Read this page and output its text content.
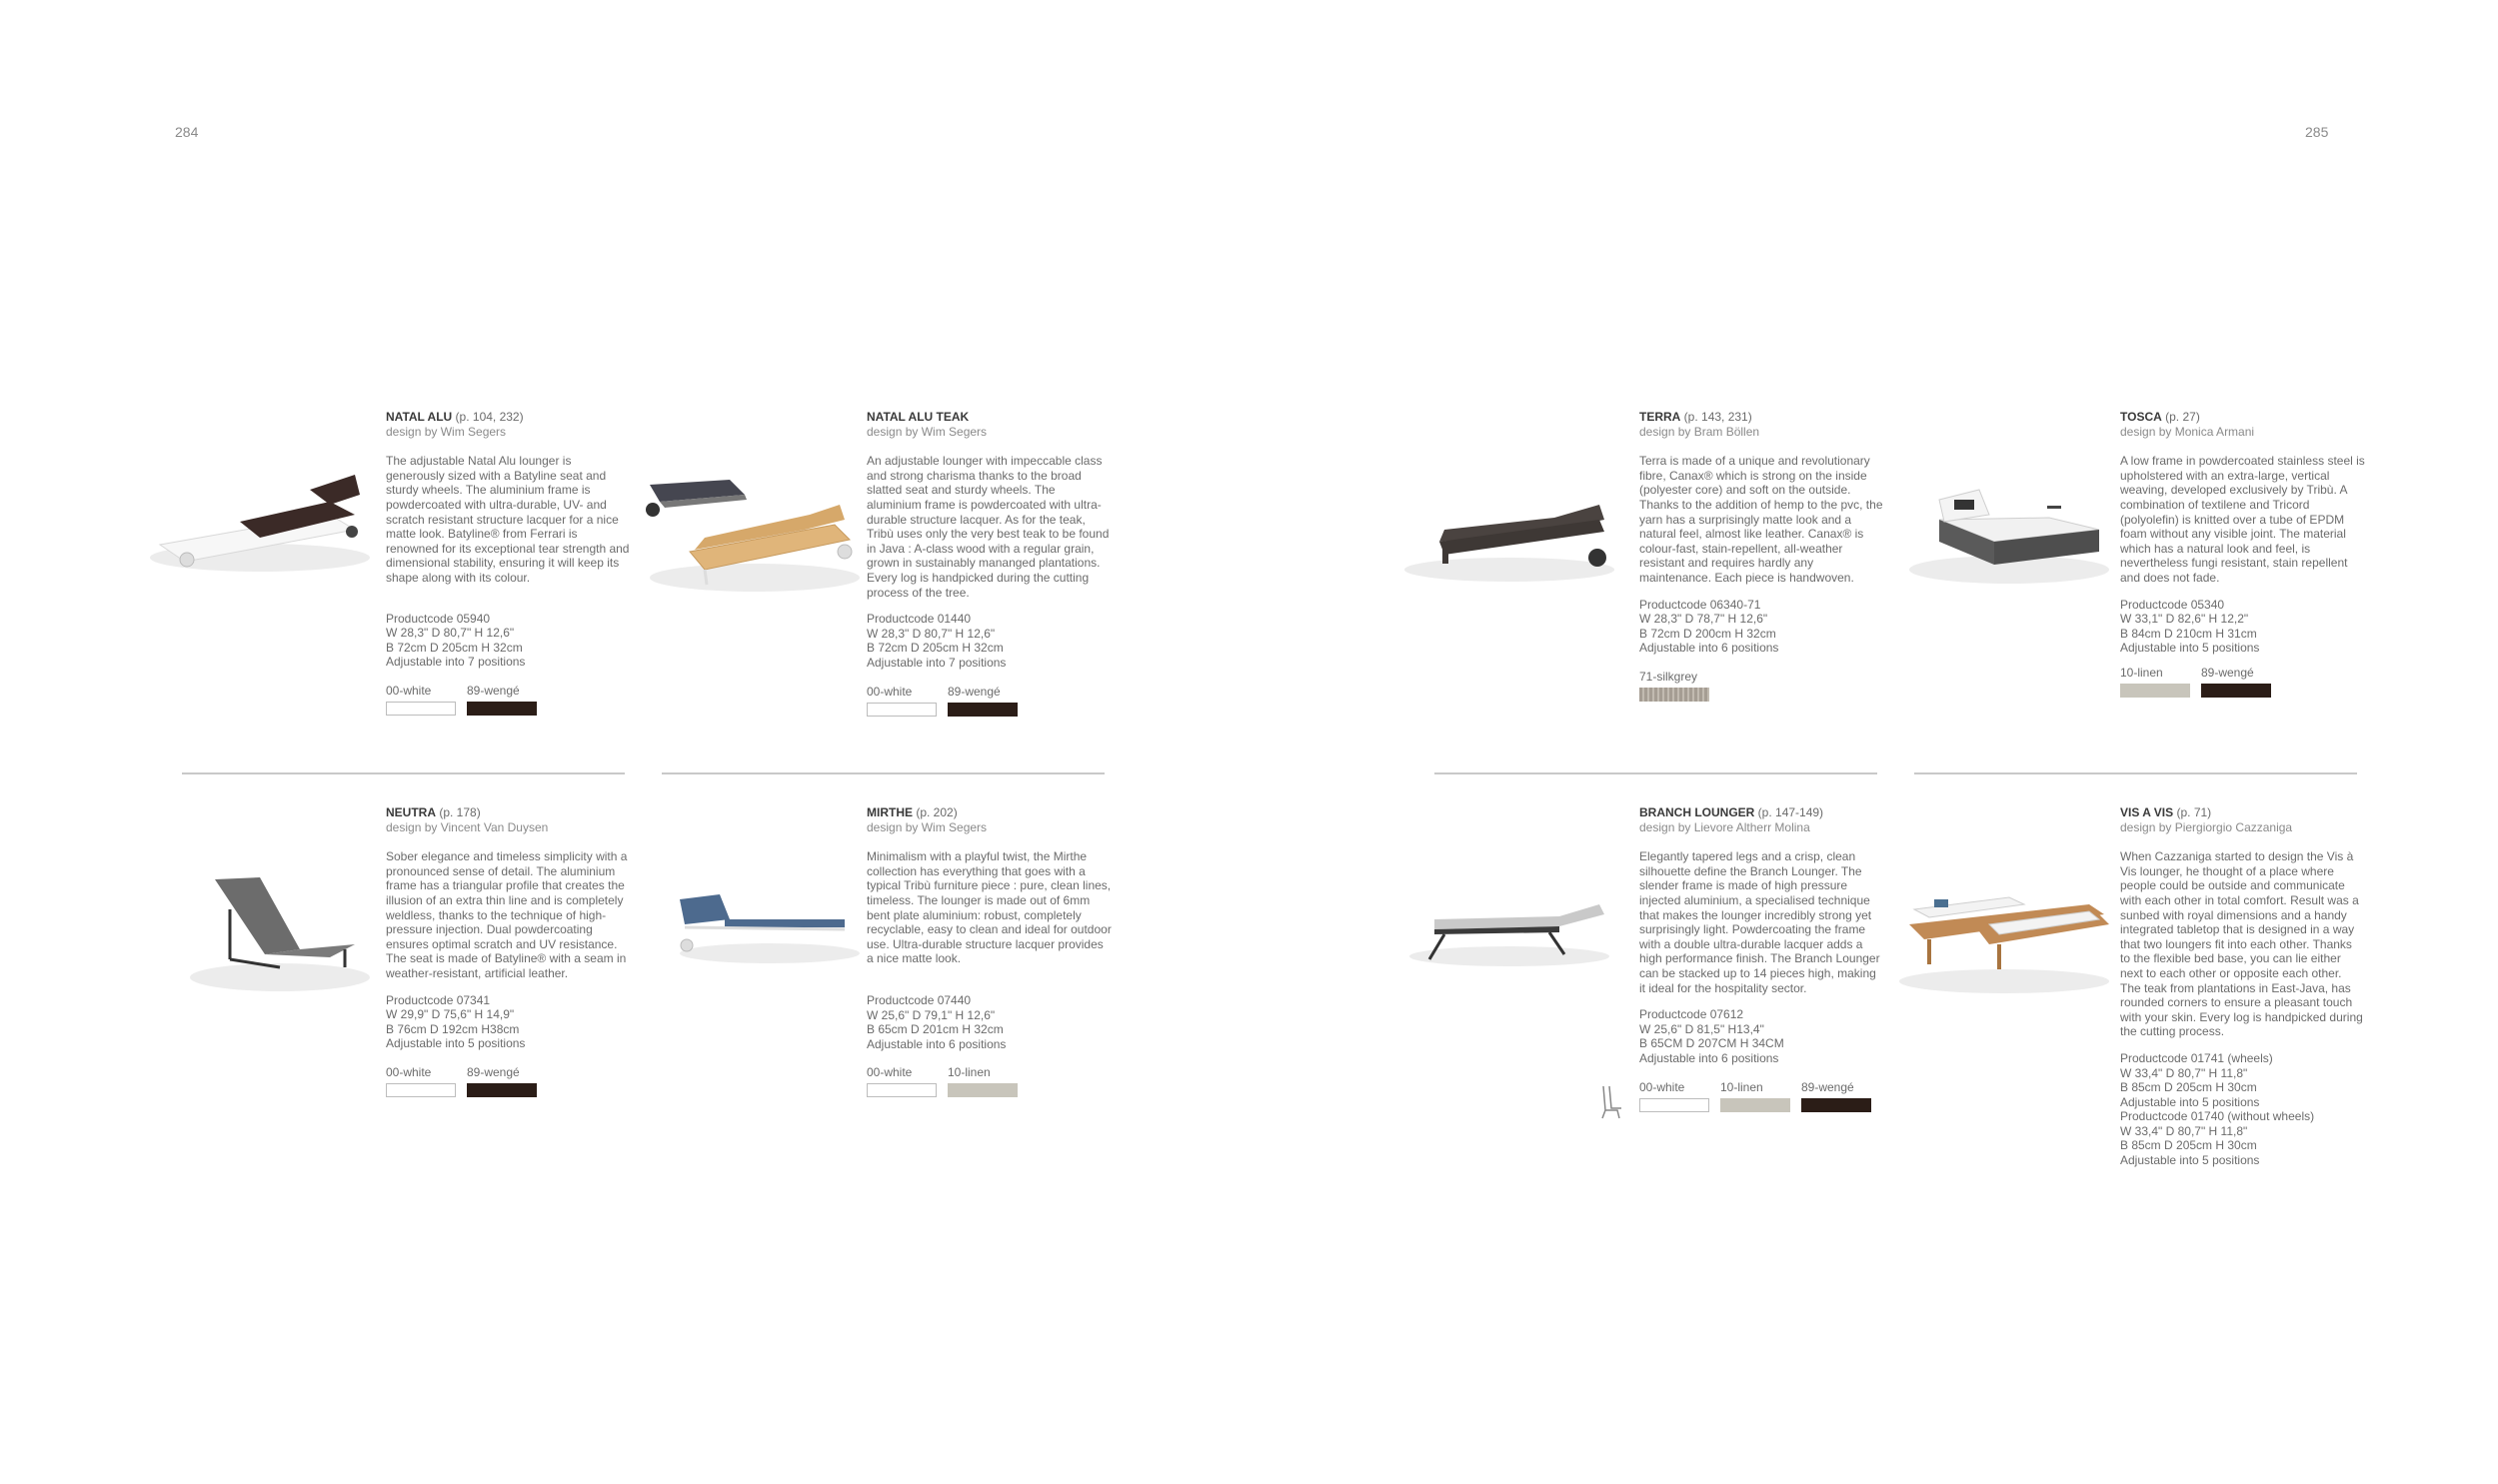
284	285
NATAL ALU (p. 104, 232)
design by Wim Segers
The adjustable Natal Alu lounger is generously sized with a Batyline seat and sturdy wheels. The aluminium frame is powdercoated with ultra-durable, UV- and scratch resistant structure lacquer for a nice matte look. Batyline® from Ferrari is renowned for its exceptional tear strength and dimensional stability, ensuring it will keep its shape along with its colour.
Productcode 05940
W 28,3" D 80,7" H 12,6"
B 72cm D 205cm H 32cm
Adjustable into 7 positions
00-white	89-wengé
NATAL ALU TEAK
design by Wim Segers
An adjustable lounger with impeccable class and strong charisma thanks to the broad slatted seat and sturdy wheels. The aluminium frame is powdercoated with ultra-durable structure lacquer. As for the teak, Tribù uses only the very best teak to be found in Java : A-class wood with a regular grain, grown in sustainably mananged plantations. Every log is handpicked during the cutting process of the tree.
Productcode 01440
W 28,3" D 80,7" H 12,6"
B 72cm D 205cm H 32cm
Adjustable into 7 positions
00-white	89-wengé
TERRA (p. 143, 231)
design by Bram Böllen
Terra is made of a unique and revolutionary fibre, Canax® which is strong on the inside (polyester core) and soft on the outside. Thanks to the addition of hemp to the pvc, the yarn has a surprisingly matte look and a natural feel, almost like leather. Canax® is colour-fast, stain-repellent, all-weather resistant and requires hardly any maintenance. Each piece is handwoven.
Productcode 06340-71
W 28,3" D 78,7" H 12,6"
B 72cm D 200cm H 32cm
Adjustable into 6 positions
71-silkgrey
TOSCA (p. 27)
design by Monica Armani
A low frame in powdercoated stainless steel is upholstered with an extra-large, vertical weaving, developed exclusively by Tribù. A combination of textilene and Tricord (polyolefin) is knitted over a tube of EPDM foam without any visible joint. The material which has a natural look and feel, is nevertheless fungi resistant, stain repellent and does not fade.
Productcode 05340
W 33,1" D 82,6" H 12,2"
B 84cm D 210cm H 31cm
Adjustable into 5 positions
10-linen	89-wengé
NEUTRA (p. 178)
design by Vincent Van Duysen
Sober elegance and timeless simplicity with a pronounced sense of detail. The aluminium frame has a triangular profile that creates the illusion of an extra thin line and is completely weldless, thanks to the technique of high-pressure injection. Dual powdercoating ensures optimal scratch and UV resistance. The seat is made of Batyline® with a seam in weather-resistant, artificial leather.
Productcode 07341
W 29,9" D 75,6" H 14,9"
B 76cm D 192cm H38cm
Adjustable into 5 positions
00-white	89-wengé
MIRTHE (p. 202)
design by Wim Segers
Minimalism with a playful twist, the Mirthe collection has everything that goes with a typical Tribù furniture piece : pure, clean lines, timeless. The lounger is made out of 6mm bent plate aluminium: robust, completely recyclable, easy to clean and ideal for outdoor use. Ultra-durable structure lacquer provides a nice matte look.
Productcode 07440
W 25,6" D 79,1" H 12,6"
B 65cm D 201cm H 32cm
Adjustable into 6 positions
00-white	10-linen
BRANCH LOUNGER (p. 147-149)
design by Lievore Altherr Molina
Elegantly tapered legs and a crisp, clean silhouette define the Branch Lounger. The slender frame is made of high pressure injected aluminium, a specialised technique that makes the lounger incredibly strong yet surprisingly light. Powdercoating the frame with a double ultra-durable lacquer adds a high performance finish. The Branch Lounger can be stacked up to 14 pieces high, making it ideal for the hospitality sector.
Productcode 07612
W 25,6" D 81,5" H13,4"
B 65CM D 207CM H 34CM
Adjustable into 6 positions
00-white	10-linen	89-wengé
VIS A VIS (p. 71)
design by Piergiorgio Cazzaniga
When Cazzaniga started to design the Vis à Vis lounger, he thought of a place where people could be outside and communicate with each other in total comfort. Result was a sunbed with royal dimensions and a handy integrated tabletop that is designed in a way that two loungers fit into each other. Thanks to the flexible bed base, you can lie either next to each other or opposite each other. The teak from plantations in East-Java, has rounded corners to ensure a pleasant touch with your skin. Every log is handpicked during the cutting process.
Productcode 01741 (wheels)
W 33,4" D 80,7" H 11,8"
B 85cm D 205cm H 30cm
Adjustable into 5 positions
Productcode 01740 (without wheels)
W 33,4" D 80,7" H 11,8"
B 85cm D 205cm H 30cm
Adjustable into 5 positions
